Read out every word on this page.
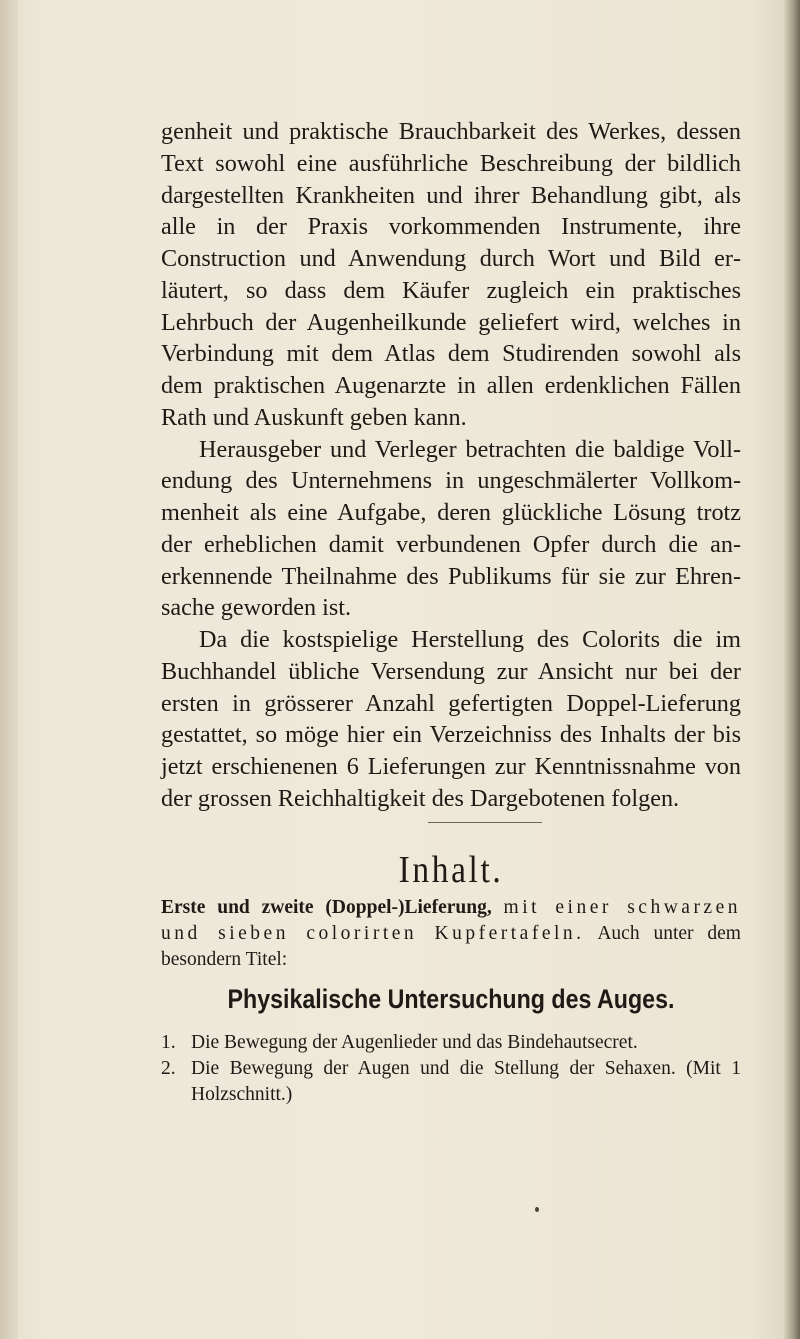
genheit und praktische Brauchbarkeit des Werkes, dessen Text sowohl eine ausführliche Beschreibung der bildlich dargestellten Krankheiten und ihrer Behandlung gibt, als alle in der Praxis vorkommenden Instrumente, ihre Construction und Anwendung durch Wort und Bild erläutert, so dass dem Käufer zugleich ein praktisches Lehrbuch der Augenheilkunde geliefert wird, welches in Verbindung mit dem Atlas dem Studirenden sowohl als dem praktischen Augenarzte in allen erdenklichen Fällen Rath und Auskunft geben kann.

Herausgeber und Verleger betrachten die baldige Vollendung des Unternehmens in ungeschmälerter Vollkommenheit als eine Aufgabe, deren glückliche Lösung trotz der erheblichen damit verbundenen Opfer durch die anerkennende Theilnahme des Publikums für sie zur Ehrensache geworden ist.

Da die kostspielige Herstellung des Colorits die im Buchhandel übliche Versendung zur Ansicht nur bei der ersten in grösserer Anzahl gefertigten Doppel-Lieferung gestattet, so möge hier ein Verzeichniss des Inhalts der bis jetzt erschienenen 6 Lieferungen zur Kenntnissnahme von der grossen Reichhaltigkeit des Dargebotenen folgen.

Inhalt.

Erste und zweite (Doppel-)Lieferung, mit einer schwarzen und sieben colorirten Kupfertafeln. Auch unter dem besondern Titel:

Physikalische Untersuchung des Auges.
1. Die Bewegung der Augenlieder und das Bindehautsecret.
2. Die Bewegung der Augen und die Stellung der Sehaxen. (Mit 1 Holzschnitt.)
